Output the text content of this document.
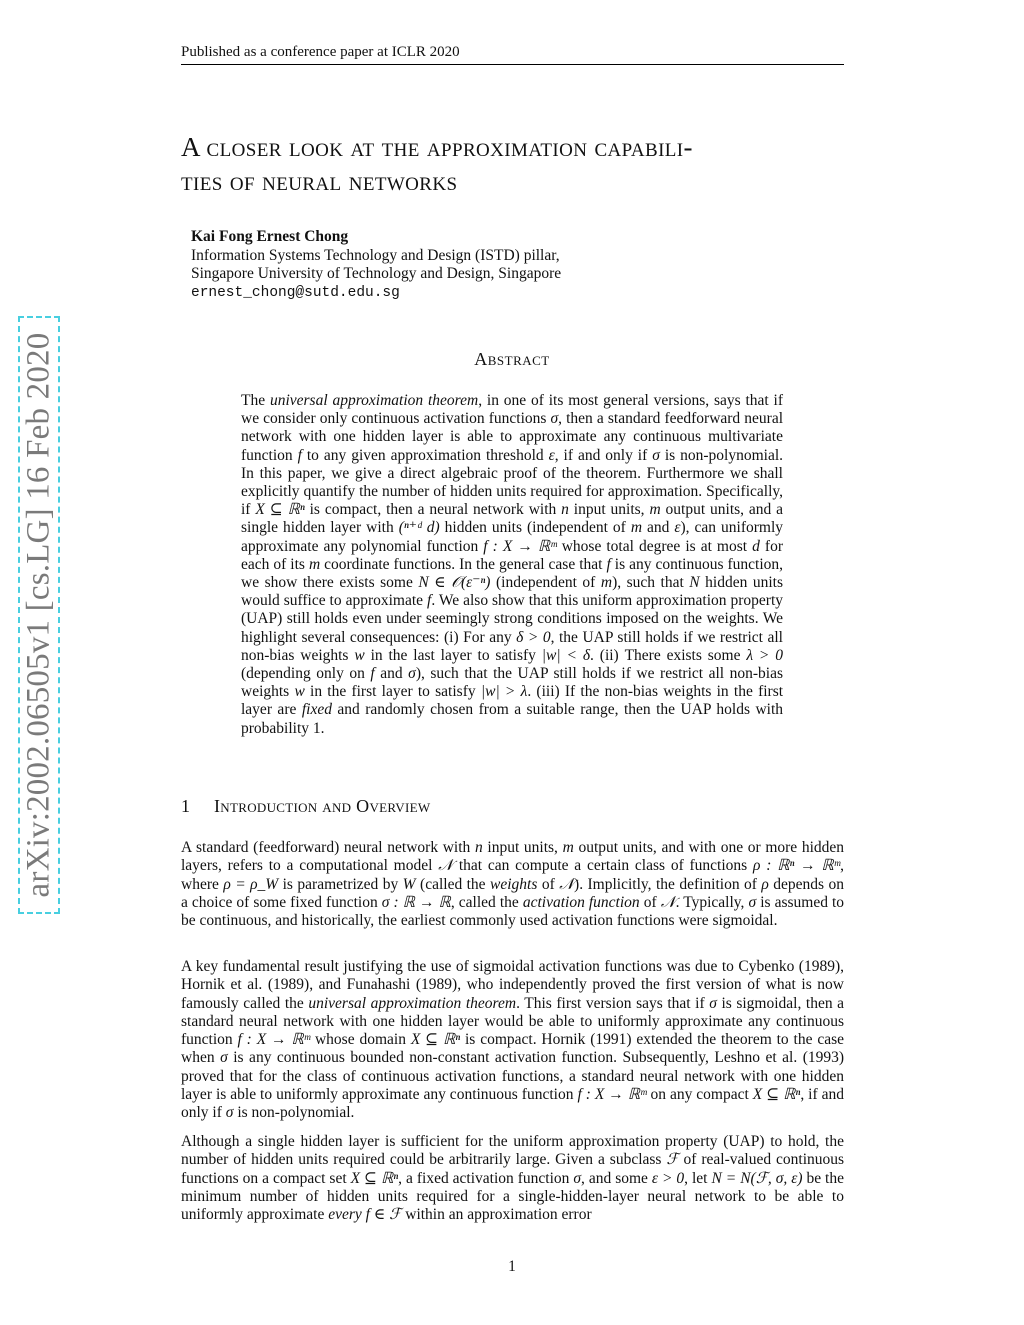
Published as a conference paper at ICLR 2020
arXiv:2002.06505v1 [cs.LG] 16 Feb 2020
A closer look at the approximation capabili-
ties of neural networks
Kai Fong Ernest Chong
Information Systems Technology and Design (ISTD) pillar,
Singapore University of Technology and Design, Singapore
ernest_chong@sutd.edu.sg
Abstract
The universal approximation theorem, in one of its most general versions, says that if we consider only continuous activation functions σ, then a standard feedforward neural network with one hidden layer is able to approximate any continuous multivariate function f to any given approximation threshold ε, if and only if σ is non-polynomial. In this paper, we give a direct algebraic proof of the theorem. Furthermore we shall explicitly quantify the number of hidden units required for approximation. Specifically, if X ⊆ ℝⁿ is compact, then a neural network with n input units, m output units, and a single hidden layer with (ⁿ⁺ᵈ d) hidden units (independent of m and ε), can uniformly approximate any polynomial function f : X → ℝᵐ whose total degree is at most d for each of its m coordinate functions. In the general case that f is any continuous function, we show there exists some N ∈ 𝒪(ε⁻ⁿ) (independent of m), such that N hidden units would suffice to approximate f. We also show that this uniform approximation property (UAP) still holds even under seemingly strong conditions imposed on the weights. We highlight several consequences: (i) For any δ > 0, the UAP still holds if we restrict all non-bias weights w in the last layer to satisfy |w| < δ. (ii) There exists some λ > 0 (depending only on f and σ), such that the UAP still holds if we restrict all non-bias weights w in the first layer to satisfy |w| > λ. (iii) If the non-bias weights in the first layer are fixed and randomly chosen from a suitable range, then the UAP holds with probability 1.
1 Introduction and Overview
A standard (feedforward) neural network with n input units, m output units, and with one or more hidden layers, refers to a computational model 𝒩 that can compute a certain class of functions ρ : ℝⁿ → ℝᵐ, where ρ = ρ_W is parametrized by W (called the weights of 𝒩). Implicitly, the definition of ρ depends on a choice of some fixed function σ : ℝ → ℝ, called the activation function of 𝒩. Typically, σ is assumed to be continuous, and historically, the earliest commonly used activation functions were sigmoidal.
A key fundamental result justifying the use of sigmoidal activation functions was due to Cybenko (1989), Hornik et al. (1989), and Funahashi (1989), who independently proved the first version of what is now famously called the universal approximation theorem. This first version says that if σ is sigmoidal, then a standard neural network with one hidden layer would be able to uniformly approximate any continuous function f : X → ℝᵐ whose domain X ⊆ ℝⁿ is compact. Hornik (1991) extended the theorem to the case when σ is any continuous bounded non-constant activation function. Subsequently, Leshno et al. (1993) proved that for the class of continuous activation functions, a standard neural network with one hidden layer is able to uniformly approximate any continuous function f : X → ℝᵐ on any compact X ⊆ ℝⁿ, if and only if σ is non-polynomial.
Although a single hidden layer is sufficient for the uniform approximation property (UAP) to hold, the number of hidden units required could be arbitrarily large. Given a subclass ℱ of real-valued continuous functions on a compact set X ⊆ ℝⁿ, a fixed activation function σ, and some ε > 0, let N = N(ℱ, σ, ε) be the minimum number of hidden units required for a single-hidden-layer neural network to be able to uniformly approximate every f ∈ ℱ within an approximation error
1
